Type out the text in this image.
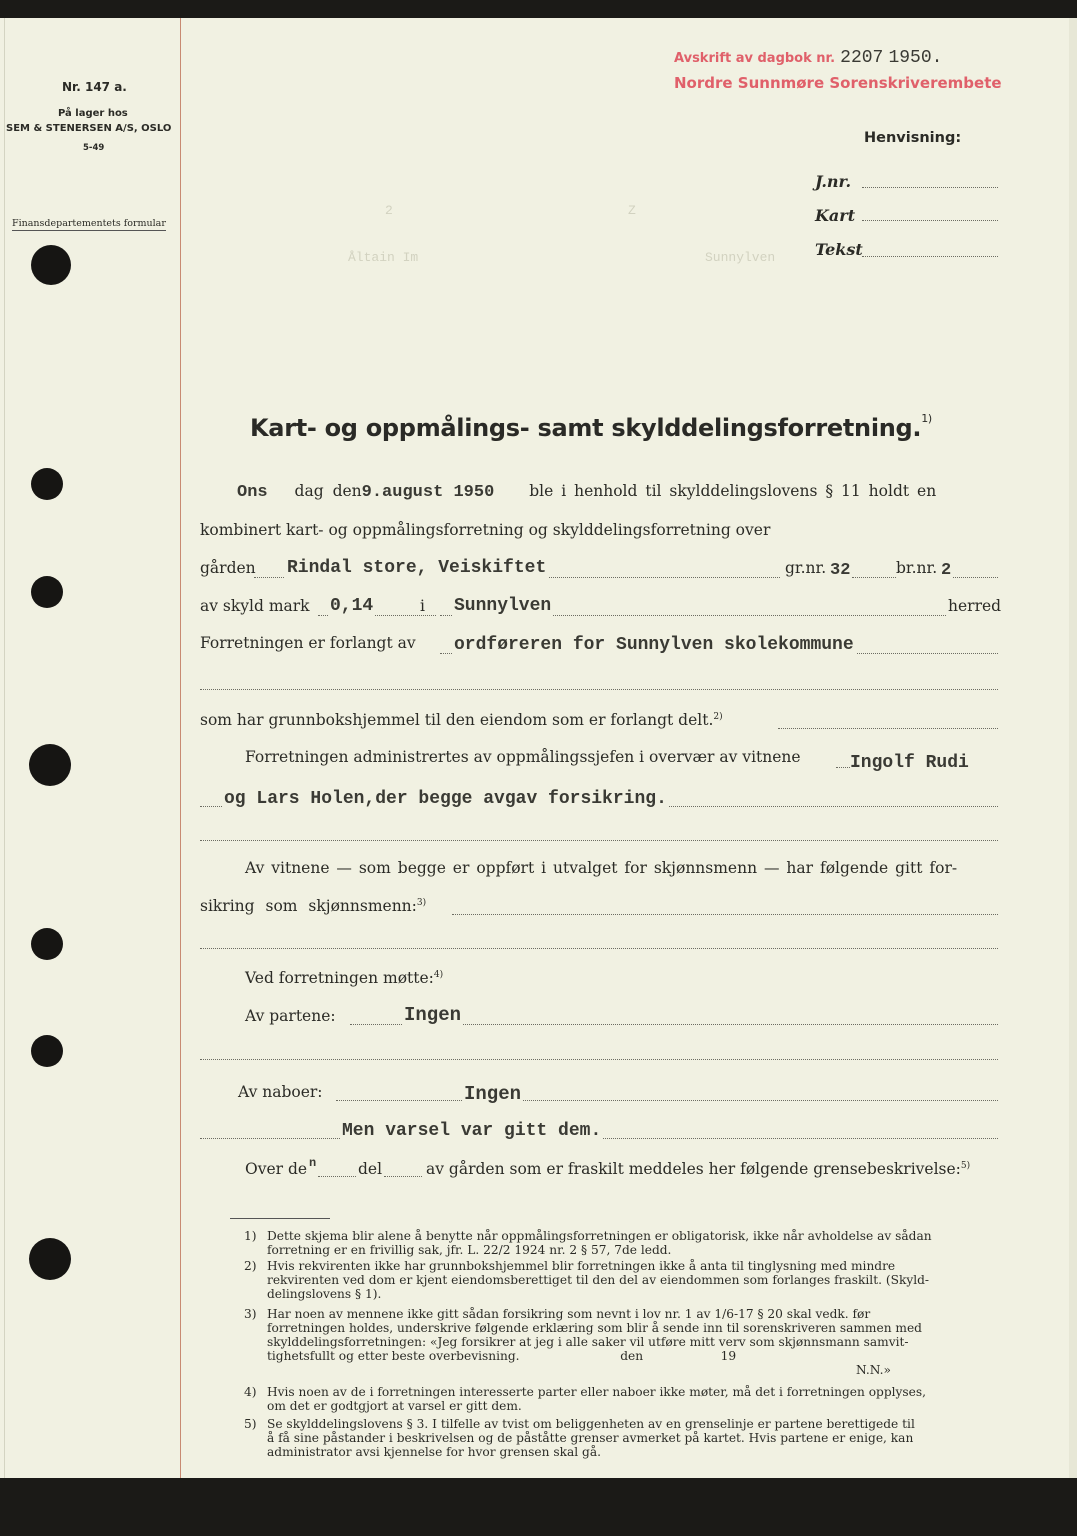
Nr. 147 a.
På lager hos
SEM & STENERSEN A/S, OSLO
5-49
Finansdepartementets formular
Avskrift av dagbok nr. 2207 1950.
Nordre Sunnmøre Sorenskriverembete
Henvisning:
J.nr.
Kart
Tekst
2	Z
Åltain Im	Sunnylven
Kart- og oppmålings- samt skylddelingsforretning.$^{1)}$
Ons dag den9.august 1950 ble i henhold til skylddelingslovens § 11 holdt en
kombinert kart- og oppmålingsforretning og skylddelingsforretning over
gården Rindal store, Veiskiftet	gr.nr. 32	br.nr. 2
av skyld mark 0,14	i Sunnylven	herred
Forretningen er forlangt av ordføreren for Sunnylven skolekommune
som har grunnbokshjemmel til den eiendom som er forlangt delt.$^{2)}$
Forretningen administrertes av oppmålingssjefen i overvær av vitnene	Ingolf Rudi
og Lars Holen,der begge avgav forsikring.
Av vitnene — som begge er oppført i utvalget for skjønnsmenn — har følgende gitt for-
sikring som skjønnsmenn:$^{3)}$
Ved forretningen møtte:$^{4)}$
Av partene:	Ingen
Av naboer:	Ingen
Men varsel var gitt dem.
Over de n	del	av gården som er fraskilt meddeles her følgende grensebeskrivelse:$^{5)}$
1) Dette skjema blir alene å benytte når oppmålingsforretningen er obligatorisk, ikke når avholdelse av sådan
forretning er en frivillig sak, jfr. L. 22/2 1924 nr. 2 § 57, 7de ledd.
2) Hvis rekvirenten ikke har grunnbokshjemmel blir forretningen ikke å anta til tinglysning med mindre
rekvirenten ved dom er kjent eiendomsberettiget til den del av eiendommen som forlanges fraskilt. (Skyld-
delingslovens § 1).
3) Har noen av mennene ikke gitt sådan forsikring som nevnt i lov nr. 1 av 1/6-17 § 20 skal vedk. før
forretningen holdes, underskrive følgende erklæring som blir å sende inn til sorenskriveren sammen med
skylddelingsforretningen: «Jeg forsikrer at jeg i alle saker vil utføre mitt verv som skjønnsmann samvit-
tighetsfullt og etter beste overbevisning.                          den                    19
N.N.»
4) Hvis noen av de i forretningen interesserte parter eller naboer ikke møter, må det i forretningen opplyses,
om det er godtgjort at varsel er gitt dem.
5) Se skylddelingslovens § 3. I tilfelle av tvist om beliggenheten av en grenselinje er partene berettigede til
å få sine påstander i beskrivelsen og de påståtte grenser avmerket på kartet. Hvis partene er enige, kan
administrator avsi kjennelse for hvor grensen skal gå.
